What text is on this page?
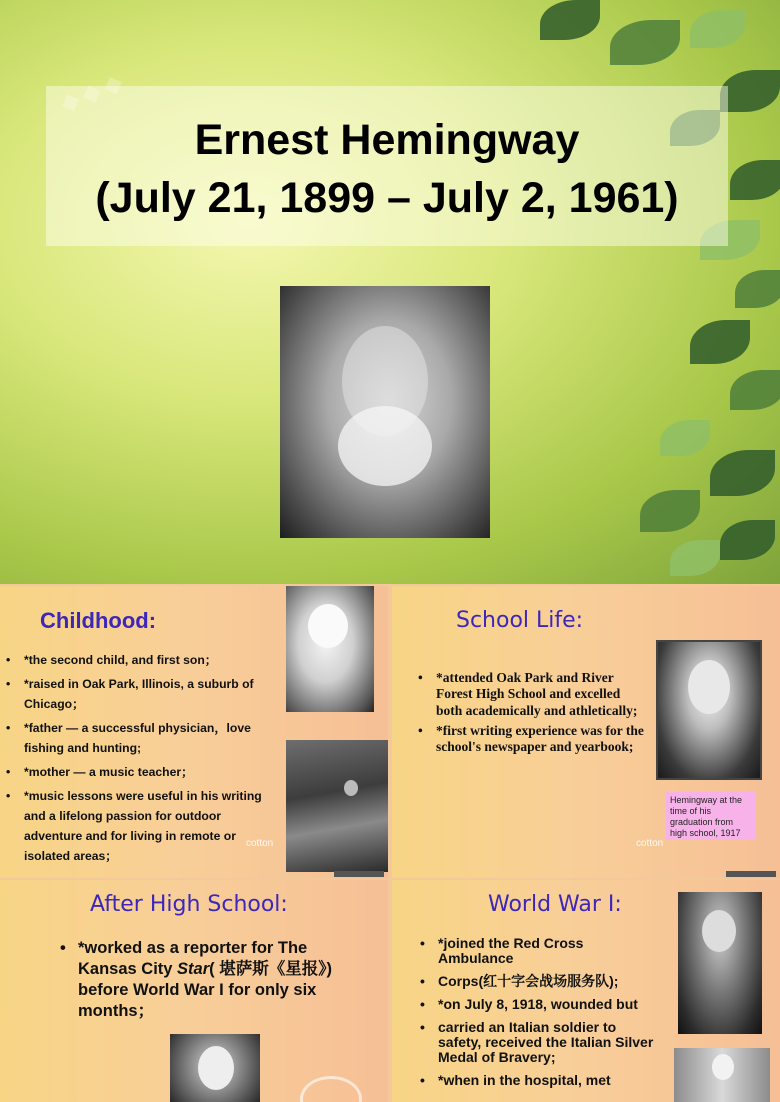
◆ ◆ ◆
Ernest Hemingway
(July 21, 1899 – July 2, 1961)
Childhood:
• *the second child, and first son；
• *raised in Oak Park, Illinois, a suburb of Chicago；
• *father — a successful physician，love fishing and hunting;
• *mother — a music teacher；
• *music lessons were useful in his writing and a lifelong passion for outdoor adventure and for living in remote or isolated areas；
cotton
School Life:
• *attended Oak Park and River Forest High School and excelled both academically and athletically;
• *first writing experience was for the school's newspaper and yearbook;
Hemingway at the time of his graduation from high school, 1917
cotton
After High School:
• *worked as a reporter for The Kansas City Star( 堪萨斯《星报》) before World War I for only six months；
World War Ⅰ:
• *joined the Red Cross Ambulance
• Corps(红十字会战场服务队);
• *on July 8, 1918, wounded but
• carried an Italian soldier to safety, received the Italian Silver Medal of Bravery;
• *when in the hospital, met
